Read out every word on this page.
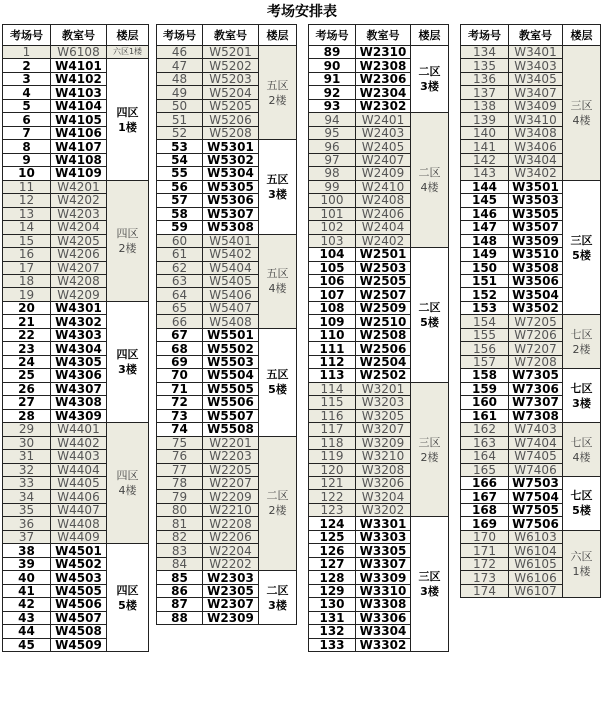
考场安排表
考场号	教室号	楼层
1	W6108	六区1楼
2	W4101	四区
1楼
3	W4102	
4	W4103	
5	W4104	
6	W4105	
7	W4106	
8	W4107	
9	W4108	
10	W4109	
11	W4201	四区
2楼
12	W4202	
13	W4203	
14	W4204	
15	W4205	
16	W4206	
17	W4207	
18	W4208	
19	W4209	
20	W4301	四区
3楼
21	W4302	
22	W4303	
23	W4304	
24	W4305	
25	W4306	
26	W4307	
27	W4308	
28	W4309	
29	W4401	四区
4楼
30	W4402	
31	W4403	
32	W4404	
33	W4405	
34	W4406	
35	W4407	
36	W4408	
37	W4409	
38	W4501	四区
5楼
39	W4502	
40	W4503	
41	W4505	
42	W4506	
43	W4507	
44	W4508	
45	W4509	
考场号	教室号	楼层
46	W5201	五区
2楼
47	W5202	
48	W5203	
49	W5204	
50	W5205	
51	W5206	
52	W5208	
53	W5301	五区
3楼
54	W5302	
55	W5304	
56	W5305	
57	W5306	
58	W5307	
59	W5308	
60	W5401	五区
4楼
61	W5402	
62	W5404	
63	W5405	
64	W5406	
65	W5407	
66	W5408	
67	W5501	五区
5楼
68	W5502	
69	W5503	
70	W5504	
71	W5505	
72	W5506	
73	W5507	
74	W5508	
75	W2201	二区
2楼
76	W2203	
77	W2205	
78	W2207	
79	W2209	
80	W2210	
81	W2208	
82	W2206	
83	W2204	
84	W2202	
85	W2303	二区
3楼
86	W2305	
87	W2307	
88	W2309	
考场号	教室号	楼层
89	W2310	二区
3楼
90	W2308	
91	W2306	
92	W2304	
93	W2302	
94	W2401	二区
4楼
95	W2403	
96	W2405	
97	W2407	
98	W2409	
99	W2410	
100	W2408	
101	W2406	
102	W2404	
103	W2402	
104	W2501	二区
5楼
105	W2503	
106	W2505	
107	W2507	
108	W2509	
109	W2510	
110	W2508	
111	W2506	
112	W2504	
113	W2502	
114	W3201	三区
2楼
115	W3203	
116	W3205	
117	W3207	
118	W3209	
119	W3210	
120	W3208	
121	W3206	
122	W3204	
123	W3202	
124	W3301	三区
3楼
125	W3303	
126	W3305	
127	W3307	
128	W3309	
129	W3310	
130	W3308	
131	W3306	
132	W3304	
133	W3302	
考场号	教室号	楼层
134	W3401	三区
4楼
135	W3403	
136	W3405	
137	W3407	
138	W3409	
139	W3410	
140	W3408	
141	W3406	
142	W3404	
143	W3402	
144	W3501	三区
5楼
145	W3503	
146	W3505	
147	W3507	
148	W3509	
149	W3510	
150	W3508	
151	W3506	
152	W3504	
153	W3502	
154	W7205	七区
2楼
155	W7206	
156	W7207	
157	W7208	
158	W7305	七区
3楼
159	W7306	
160	W7307	
161	W7308	
162	W7403	七区
4楼
163	W7404	
164	W7405	
165	W7406	
166	W7503	七区
5楼
167	W7504	
168	W7505	
169	W7506	
170	W6103	六区
1楼
171	W6104	
172	W6105	
173	W6106	
174	W6107	
